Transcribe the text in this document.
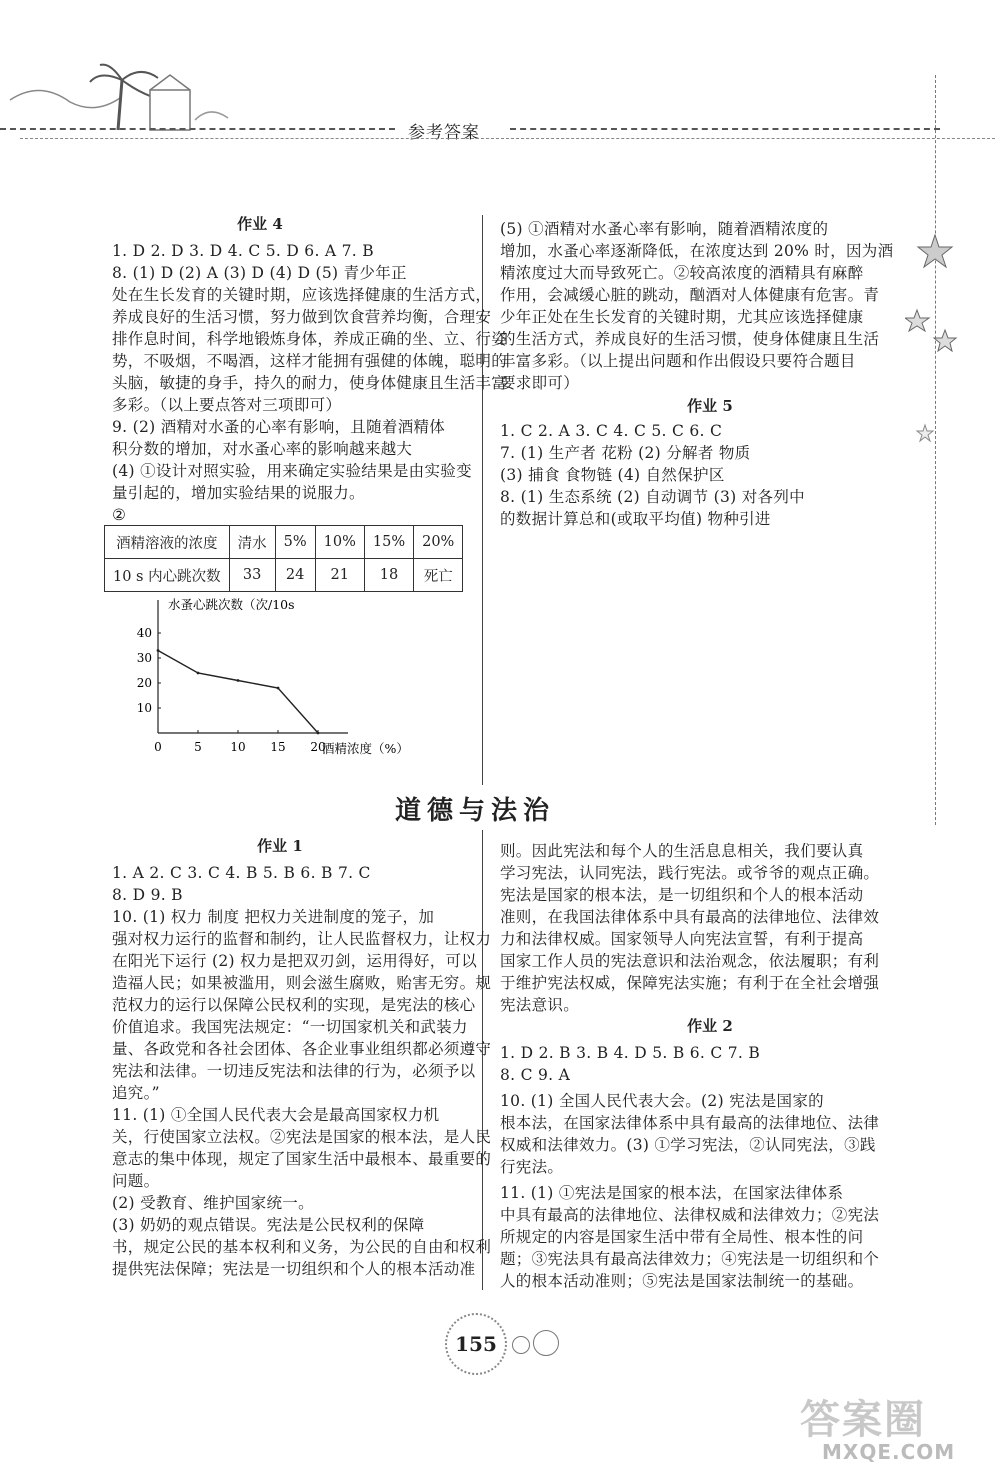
参考答案
作业 4
1. D 2. D 3. D 4. C 5. D 6. A 7. B
8. (1) D (2) A (3) D (4) D (5) 青少年正
处在生长发育的关键时期，应该选择健康的生活方式，
养成良好的生活习惯，努力做到饮食营养均衡，合理安
排作息时间，科学地锻炼身体，养成正确的坐、立、行姿
势，不吸烟，不喝酒，这样才能拥有强健的体魄，聪明的
头脑，敏捷的身手，持久的耐力，使身体健康且生活丰富
多彩。（以上要点答对三项即可）
9. (2) 酒精对水蚤的心率有影响，且随着酒精体
积分数的增加，对水蚤心率的影响越来越大
(4) ①设计对照实验，用来确定实验结果是由实验变
量引起的，增加实验结果的说服力。
②
酒精溶液的浓度	清水	5%	10%	15%	20%
10 s 内心跳次数	33	24	21	18	死亡
10
20
30
40
0	5 10 15 20
水蚤心跳次数（次/10s
酒精浓度（%）
(5) ①酒精对水蚤心率有影响，随着酒精浓度的
增加，水蚤心率逐渐降低，在浓度达到 20% 时，因为酒
精浓度过大而导致死亡。②较高浓度的酒精具有麻醉
作用，会减缓心脏的跳动，酗酒对人体健康有危害。青
少年正处在生长发育的关键时期，尤其应该选择健康
的生活方式，养成良好的生活习惯，使身体健康且生活
丰富多彩。（以上提出问题和作出假设只要符合题目
要求即可）
作业 5
1. C 2. A 3. C 4. C 5. C 6. C
7. (1) 生产者 花粉 (2) 分解者 物质
(3) 捕食 食物链 (4) 自然保护区
8. (1) 生态系统 (2) 自动调节 (3) 对各列中
的数据计算总和(或取平均值) 物种引进
道德与法治
作业 1
1. A 2. C 3. C 4. B 5. B 6. B 7. C
8. D 9. B
10. (1) 权力 制度 把权力关进制度的笼子，加
强对权力运行的监督和制约，让人民监督权力，让权力
在阳光下运行 (2) 权力是把双刃剑，运用得好，可以
造福人民；如果被滥用，则会滋生腐败，贻害无穷。规
范权力的运行以保障公民权利的实现，是宪法的核心
价值追求。我国宪法规定：“一切国家机关和武装力
量、各政党和各社会团体、各企业事业组织都必须遵守
宪法和法律。一切违反宪法和法律的行为，必须予以
追究。”
11. (1) ①全国人民代表大会是最高国家权力机
关，行使国家立法权。②宪法是国家的根本法，是人民
意志的集中体现，规定了国家生活中最根本、最重要的
问题。
(2) 受教育、维护国家统一。
(3) 奶奶的观点错误。宪法是公民权利的保障
书，规定公民的基本权利和义务，为公民的自由和权利
提供宪法保障；宪法是一切组织和个人的根本活动准
则。因此宪法和每个人的生活息息相关，我们要认真
学习宪法，认同宪法，践行宪法。或爷爷的观点正确。
宪法是国家的根本法，是一切组织和个人的根本活动
准则，在我国法律体系中具有最高的法律地位、法律效
力和法律权威。国家领导人向宪法宣誓，有利于提高
国家工作人员的宪法意识和法治观念，依法履职；有利
于维护宪法权威，保障宪法实施；有利于在全社会增强
宪法意识。
作业 2
1. D 2. B 3. B 4. D 5. B 6. C 7. B
8. C 9. A
10. (1) 全国人民代表大会。(2) 宪法是国家的
根本法，在国家法律体系中具有最高的法律地位、法律
权威和法律效力。(3) ①学习宪法，②认同宪法，③践
行宪法。
11. (1) ①宪法是国家的根本法，在国家法律体系
中具有最高的法律地位、法律权威和法律效力；②宪法
所规定的内容是国家生活中带有全局性、根本性的问
题；③宪法具有最高法律效力；④宪法是一切组织和个
人的根本活动准则；⑤宪法是国家法制统一的基础。
155
答案圈
MXQE.COM
